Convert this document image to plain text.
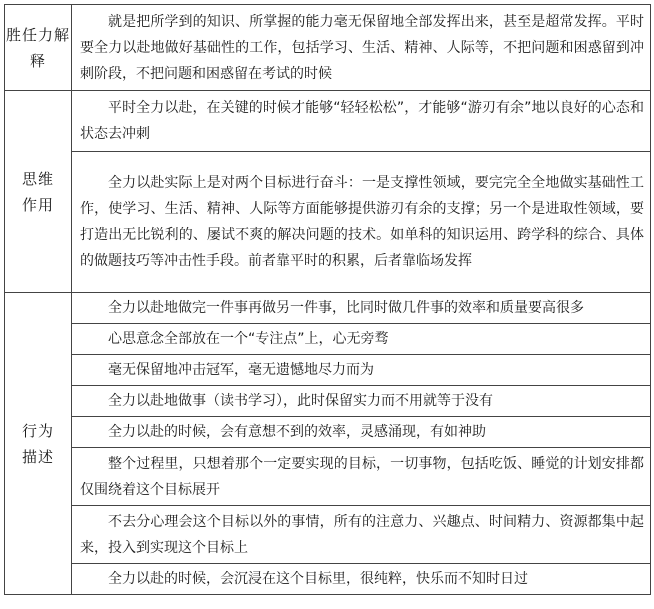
胜任力解释	就是把所学到的知识、所掌握的能力毫无保留地全部发挥出来，甚至是超常发挥。平时要全力以赴地做好基础性的工作，包括学习、生活、精神、人际等，不把问题和困惑留到冲刺阶段，不把问题和困惑留在考试的时候

思维
作用	平时全力以赴，在关键的时候才能够“轻轻松松”，才能够“游刃有余”地以良好的心态和状态去冲刺

	全力以赴实际上是对两个目标进行奋斗：一是支撑性领域，要完完全全地做实基础性工作，使学习、生活、精神、人际等方面能够提供游刃有余的支撑；另一个是进取性领域，要打造出无比锐利的、屡试不爽的解决问题的技术。如单科的知识运用、跨学科的综合、具体的做题技巧等冲击性手段。前者靠平时的积累，后者靠临场发挥

行为
描述	全力以赴地做完一件事再做另一件事，比同时做几件事的效率和质量要高很多

	心思意念全部放在一个“专注点”上，心无旁骛

	毫无保留地冲击冠军，毫无遗憾地尽力而为

	全力以赴地做事（读书学习），此时保留实力而不用就等于没有

	全力以赴的时候，会有意想不到的效率，灵感涌现，有如神助

	整个过程里，只想着那个一定要实现的目标，一切事物，包括吃饭、睡觉的计划安排都仅围绕着这个目标展开

	不去分心理会这个目标以外的事情，所有的注意力、兴趣点、时间精力、资源都集中起来，投入到实现这个目标上

	全力以赴的时候，会沉浸在这个目标里，很纯粹，快乐而不知时日过
